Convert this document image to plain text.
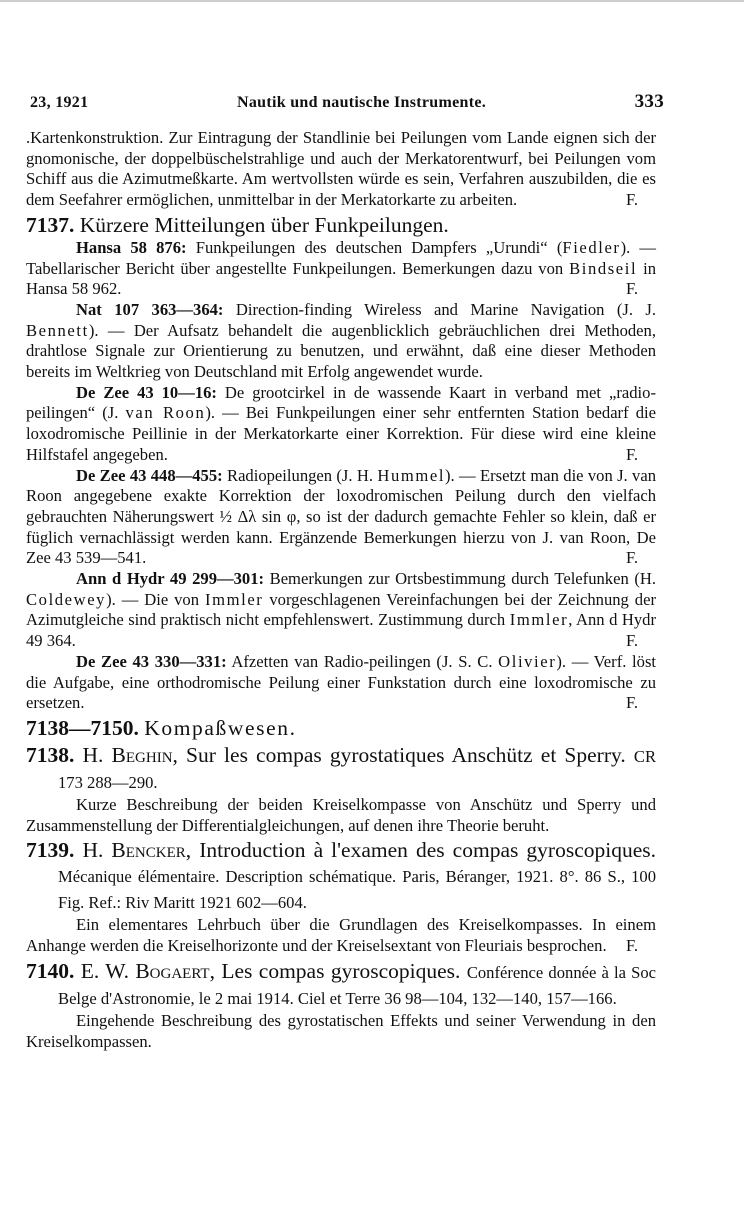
23, 1921	Nautik und nautische Instrumente.	333

.Kartenkonstruktion. Zur Eintragung der Standlinie bei Peilungen vom Lande eignen sich der gnomonische, der doppelbüschelstrahlige und auch der Merkatorentwurf, bei Peilungen vom Schiff aus die Azimutmeßkarte. Am wertvollsten würde es sein, Verfahren auszubilden, die es dem Seefahrer ermöglichen, unmittelbar in der Merkatorkarte zu arbeiten.	F.
7137. Kürzere Mitteilungen über Funkpeilungen.

Hansa 58 876: Funkpeilungen des deutschen Dampfers „Urundi“ (Fiedler). — Tabellarischer Bericht über angestellte Funkpeilungen. Bemerkungen dazu von Bindseil in Hansa 58 962.	F.

Nat 107 363—364: Direction-finding Wireless and Marine Navigation (J. J. Bennett). — Der Aufsatz behandelt die augenblicklich gebräuchlichen drei Methoden, drahtlose Signale zur Orientierung zu benutzen, und erwähnt, daß eine dieser Methoden bereits im Weltkrieg von Deutschland mit Erfolg angewendet wurde.

De Zee 43 10—16: De grootcirkel in de wassende Kaart in verband met „radio-peilingen“ (J. van Roon). — Bei Funkpeilungen einer sehr entfernten Station bedarf die loxodromische Peillinie in der Merkatorkarte einer Korrektion. Für diese wird eine kleine Hilfstafel angegeben.	F.

De Zee 43 448—455: Radiopeilungen (J. H. Hummel). — Ersetzt man die von J. van Roon angegebene exakte Korrektion der loxodromischen Peilung durch den vielfach gebrauchten Näherungswert ½ Δλ sin φ, so ist der dadurch gemachte Fehler so klein, daß er füglich vernachlässigt werden kann. Ergänzende Bemerkungen hierzu von J. van Roon, De Zee 43 539—541.	F.

Ann d Hydr 49 299—301: Bemerkungen zur Ortsbestimmung durch Telefunken (H. Coldewey). — Die von Immler vorgeschlagenen Vereinfachungen bei der Zeichnung der Azimutgleiche sind praktisch nicht empfehlenswert. Zustimmung durch Immler, Ann d Hydr 49 364.	F.

De Zee 43 330—331: Afzetten van Radio-peilingen (J. S. C. Olivier). — Verf. löst die Aufgabe, eine orthodromische Peilung einer Funkstation durch eine loxodromische zu ersetzen.	F.
7138—7150. Kompaßwesen.
7138. H. Beghin, Sur les compas gyrostatiques Anschütz et Sperry. CR 173 288—290.

Kurze Beschreibung der beiden Kreiselkompasse von Anschütz und Sperry und Zusammenstellung der Differentialgleichungen, auf denen ihre Theorie beruht.

7139. H. Bencker, Introduction à l'examen des compas gyroscopiques. Mécanique élémentaire. Description schématique. Paris, Béranger, 1921. 8°. 86 S., 100 Fig. Ref.: Riv Maritt 1921 602—604.

Ein elementares Lehrbuch über die Grundlagen des Kreiselkompasses. In einem Anhange werden die Kreiselhorizonte und der Kreiselsextant von Fleuriais besprochen.	F.
7140. E. W. Bogaert, Les compas gyroscopiques. Conférence donnée à la Soc Belge d'Astronomie, le 2 mai 1914. Ciel et Terre 36 98—104, 132—140, 157—166.

Eingehende Beschreibung des gyrostatischen Effekts und seiner Verwendung in den Kreiselkompassen.
